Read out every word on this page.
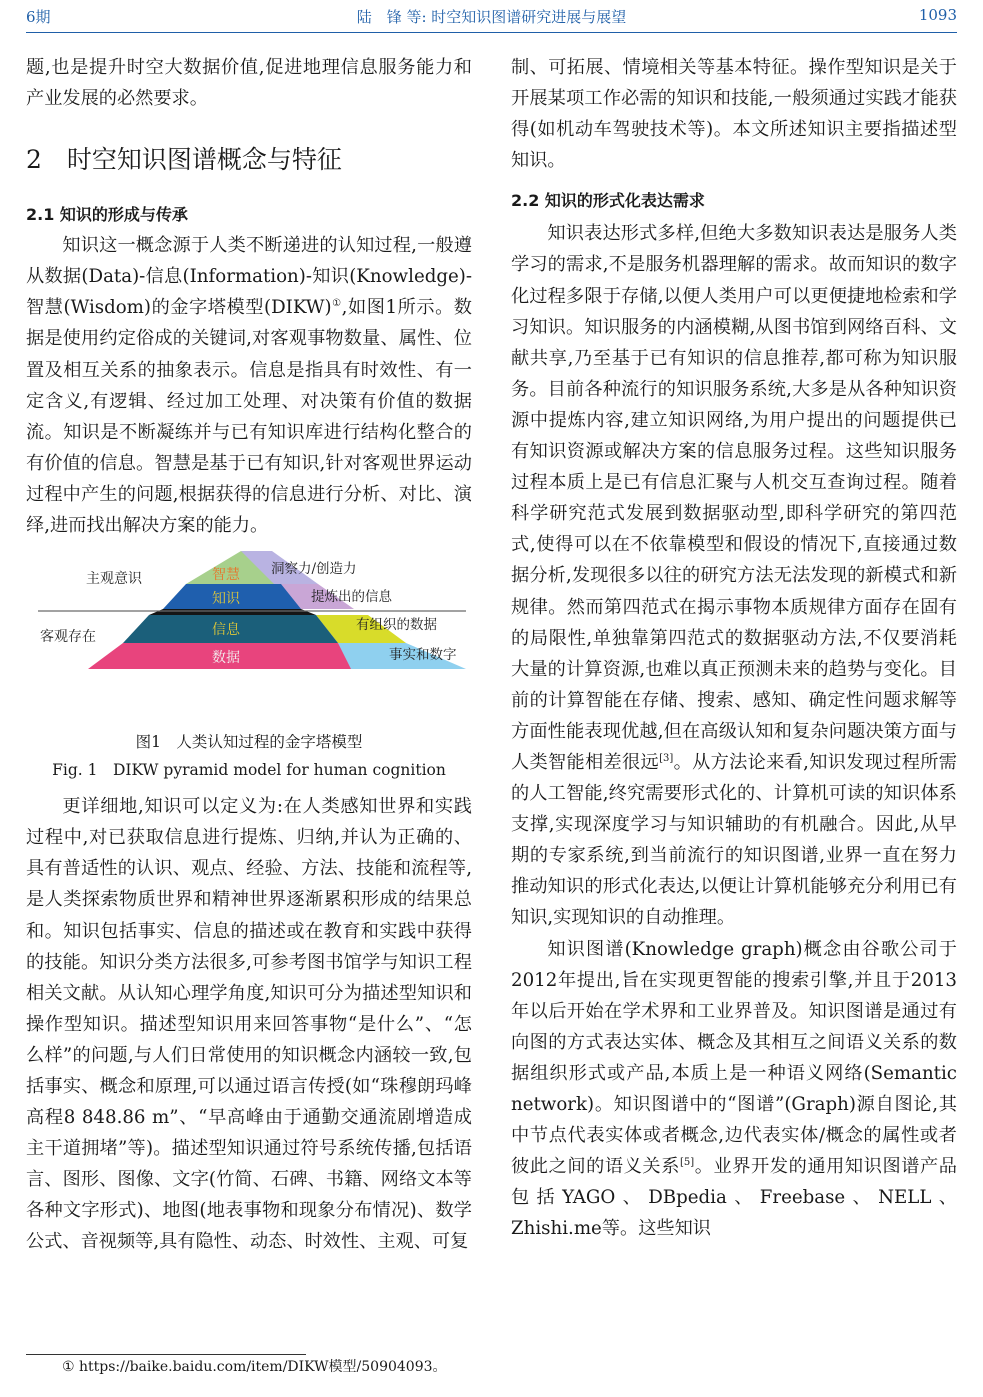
6期	陆　锋 等: 时空知识图谱研究进展与展望	1093

题,也是提升时空大数据价值,促进地理信息服务能力和产业发展的必然要求。

2　时空知识图谱概念与特征
2.1 知识的形成与传承

知识这一概念源于人类不断递进的认知过程,一般遵从数据(Data)-信息(Information)-知识(Knowledge)-智慧(Wisdom)的金字塔模型(DIKW)①,如图1所示。数据是使用约定俗成的关键词,对客观事物数量、属性、位置及相互关系的抽象表示。信息是指具有时效性、有一定含义,有逻辑、经过加工处理、对决策有价值的数据流。知识是不断凝练并与已有知识库进行结构化整合的有价值的信息。智慧是基于已有知识,针对客观世界运动过程中产生的问题,根据获得的信息进行分析、对比、演绎,进而找出解决方案的能力。

主观意识
客观存在
智慧
知识
信息
数据
洞察力/创造力
提炼出的信息
有组织的数据
事实和数字
图1　人类认知过程的金字塔模型
Fig. 1　DIKW pyramid model for human cognition

更详细地,知识可以定义为:在人类感知世界和实践过程中,对已获取信息进行提炼、归纳,并认为正确的、具有普适性的认识、观点、经验、方法、技能和流程等,是人类探索物质世界和精神世界逐渐累积形成的结果总和。知识包括事实、信息的描述或在教育和实践中获得的技能。知识分类方法很多,可参考图书馆学与知识工程相关文献。从认知心理学角度,知识可分为描述型知识和操作型知识。描述型知识用来回答事物“是什么”、“怎么样”的问题,与人们日常使用的知识概念内涵较一致,包括事实、概念和原理,可以通过语言传授(如“珠穆朗玛峰高程8 848.86 m”、“早高峰由于通勤交通流剧增造成主干道拥堵”等)。描述型知识通过符号系统传播,包括语言、图形、图像、文字(竹简、石碑、书籍、网络文本等各种文字形式)、地图(地表事物和现象分布情况)、数学公式、音视频等,具有隐性、动态、时效性、主观、可复

制、可拓展、情境相关等基本特征。操作型知识是关于开展某项工作必需的知识和技能,一般须通过实践才能获得(如机动车驾驶技术等)。本文所述知识主要指描述型知识。

2.2 知识的形式化表达需求

知识表达形式多样,但绝大多数知识表达是服务人类学习的需求,不是服务机器理解的需求。故而知识的数字化过程多限于存储,以便人类用户可以更便捷地检索和学习知识。知识服务的内涵模糊,从图书馆到网络百科、文献共享,乃至基于已有知识的信息推荐,都可称为知识服务。目前各种流行的知识服务系统,大多是从各种知识资源中提炼内容,建立知识网络,为用户提出的问题提供已有知识资源或解决方案的信息服务过程。这些知识服务过程本质上是已有信息汇聚与人机交互查询过程。随着科学研究范式发展到数据驱动型,即科学研究的第四范式,使得可以在不依靠模型和假设的情况下,直接通过数据分析,发现很多以往的研究方法无法发现的新模式和新规律。然而第四范式在揭示事物本质规律方面存在固有的局限性,单独靠第四范式的数据驱动方法,不仅要消耗大量的计算资源,也难以真正预测未来的趋势与变化。目前的计算智能在存储、搜索、感知、确定性问题求解等方面性能表现优越,但在高级认知和复杂问题决策方面与人类智能相差很远[3]。从方法论来看,知识发现过程所需的人工智能,终究需要形式化的、计算机可读的知识体系支撑,实现深度学习与知识辅助的有机融合。因此,从早期的专家系统,到当前流行的知识图谱,业界一直在努力推动知识的形式化表达,以便让计算机能够充分利用已有知识,实现知识的自动推理。

知识图谱(Knowledge graph)概念由谷歌公司于2012年提出,旨在实现更智能的搜索引擎,并且于2013年以后开始在学术界和工业界普及。知识图谱是通过有向图的方式表达实体、概念及其相互之间语义关系的数据组织形式或产品,本质上是一种语义网络(Semantic network)。知识图谱中的“图谱”(Graph)源自图论,其中节点代表实体或者概念,边代表实体/概念的属性或者彼此之间的语义关系[5]。业界开发的通用知识图谱产品包括YAGO、DBpedia、Freebase、NELL、Zhishi.me等。这些知识

① https://baike.baidu.com/item/DIKW模型/50904093。
